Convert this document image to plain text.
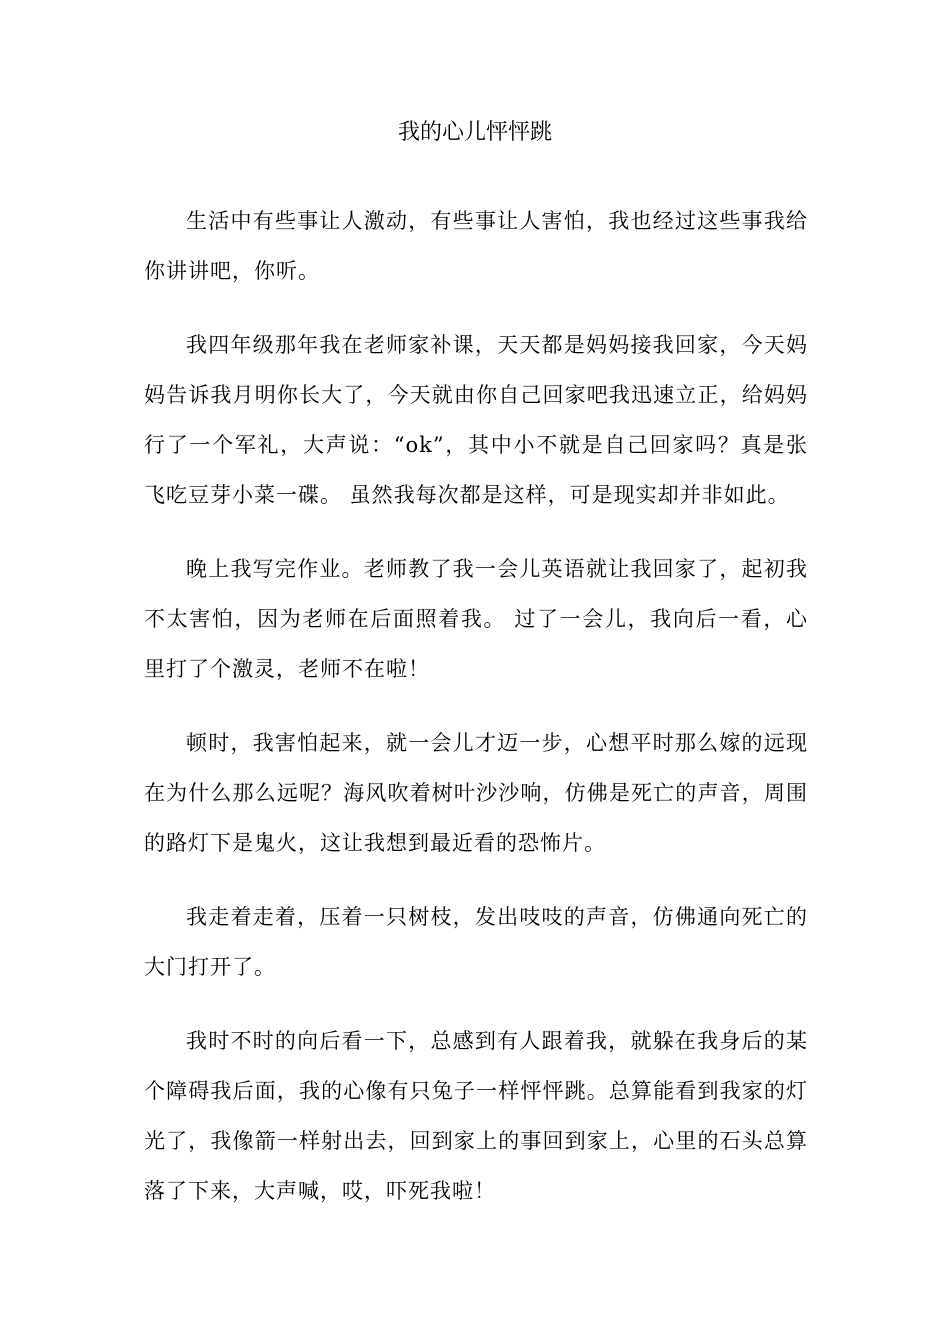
我的心儿怦怦跳

生活中有些事让人激动，有些事让人害怕，我也经过这些事我给你讲讲吧，你听。

我四年级那年我在老师家补课，天天都是妈妈接我回家，今天妈妈告诉我月明你长大了，今天就由你自己回家吧我迅速立正，给妈妈行了一个军礼，大声说：“ok”，其中小不就是自己回家吗？真是张飞吃豆芽小菜一碟。 虽然我每次都是这样，可是现实却并非如此。

晚上我写完作业。老师教了我一会儿英语就让我回家了，起初我不太害怕，因为老师在后面照着我。 过了一会儿，我向后一看，心里打了个激灵，老师不在啦！

顿时，我害怕起来，就一会儿才迈一步，心想平时那么嫁的远现在为什么那么远呢？海风吹着树叶沙沙响，仿佛是死亡的声音，周围的路灯下是鬼火，这让我想到最近看的恐怖片。

我走着走着，压着一只树枝，发出吱吱的声音，仿佛通向死亡的大门打开了。

我时不时的向后看一下，总感到有人跟着我，就躲在我身后的某个障碍我后面，我的心像有只兔子一样怦怦跳。总算能看到我家的灯光了，我像箭一样射出去，回到家上的事回到家上，心里的石头总算落了下来，大声喊，哎，吓死我啦！
